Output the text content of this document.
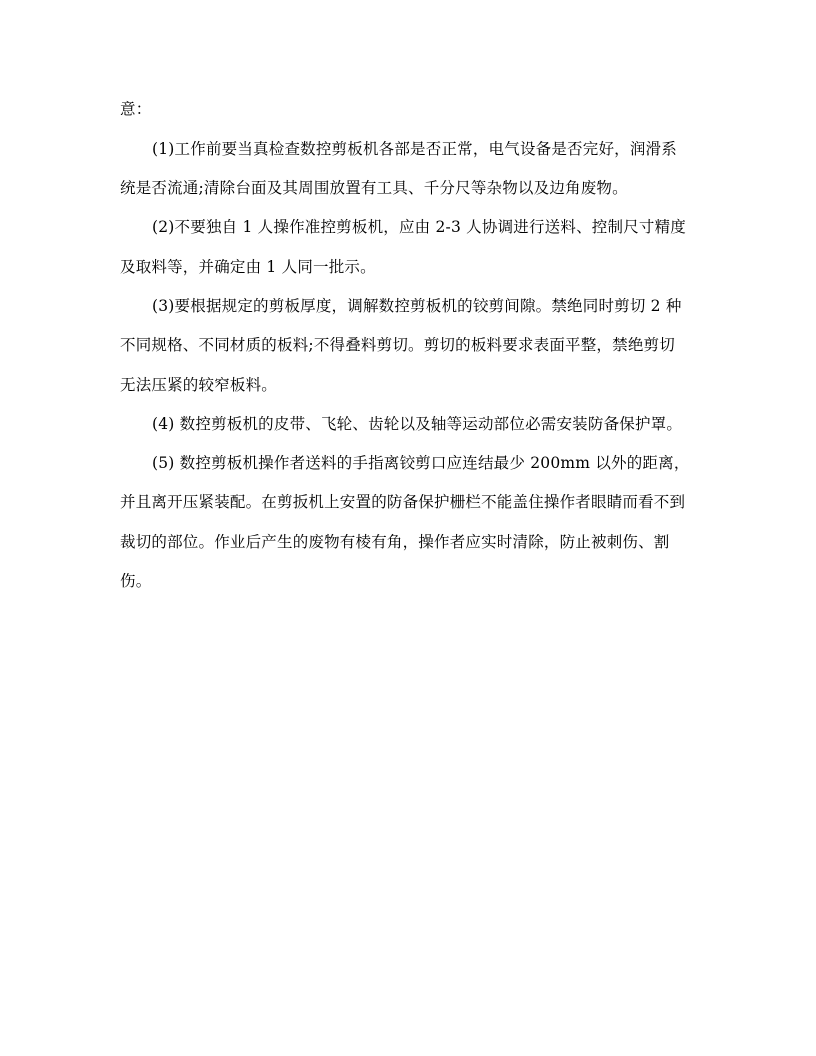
意：
(1)工作前要当真检查数控剪板机各部是否正常，电气设备是否完好，润滑系
统是否流通;清除台面及其周围放置有工具、千分尺等杂物以及边角废物。
(2)不要独自 1 人操作准控剪板机，应由 2-3 人协调进行送料、控制尺寸精度
及取料等，并确定由 1 人同一批示。
(3)要根据规定的剪板厚度，调解数控剪板机的铰剪间隙。禁绝同时剪切 2 种
不同规格、不同材质的板料;不得叠料剪切。剪切的板料要求表面平整，禁绝剪切
无法压紧的较窄板料。
(4) 数控剪板机的皮带、飞轮、齿轮以及轴等运动部位必需安装防备保护罩。
(5) 数控剪板机操作者送料的手指离铰剪口应连结最少 200mm 以外的距离，
并且离开压紧装配。在剪扳机上安置的防备保护栅栏不能盖住操作者眼睛而看不到
裁切的部位。作业后产生的废物有棱有角，操作者应实时清除，防止被刺伤、割
伤。
